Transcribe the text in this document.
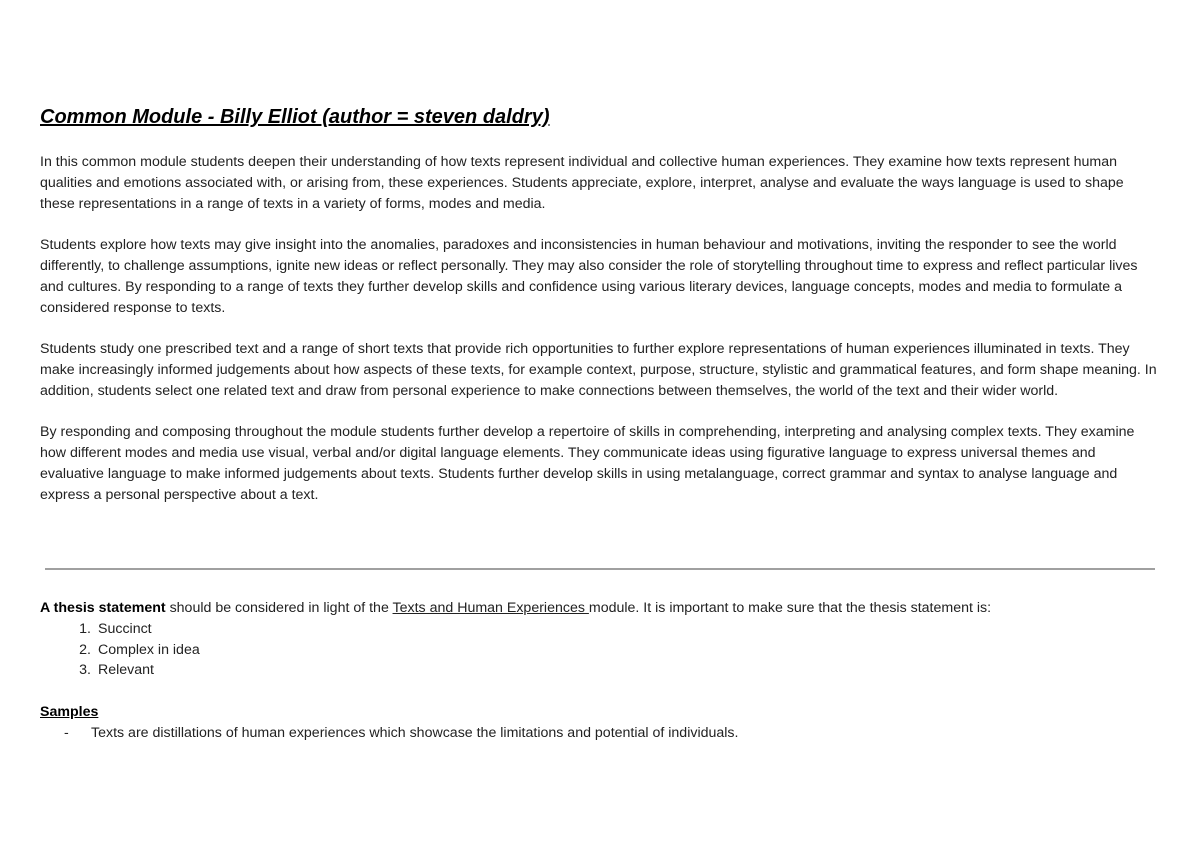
Common Module - Billy Elliot (author = steven daldry)

In this common module students deepen their understanding of how texts represent individual and collective human experiences. They examine how texts represent human qualities and emotions associated with, or arising from, these experiences. Students appreciate, explore, interpret, analyse and evaluate the ways language is used to shape these representations in a range of texts in a variety of forms, modes and media.

Students explore how texts may give insight into the anomalies, paradoxes and inconsistencies in human behaviour and motivations, inviting the responder to see the world differently, to challenge assumptions, ignite new ideas or reflect personally. They may also consider the role of storytelling throughout time to express and reflect particular lives and cultures. By responding to a range of texts they further develop skills and confidence using various literary devices, language concepts, modes and media to formulate a considered response to texts.

Students study one prescribed text and a range of short texts that provide rich opportunities to further explore representations of human experiences illuminated in texts. They make increasingly informed judgements about how aspects of these texts, for example context, purpose, structure, stylistic and grammatical features, and form shape meaning. In addition, students select one related text and draw from personal experience to make connections between themselves, the world of the text and their wider world.

By responding and composing throughout the module students further develop a repertoire of skills in comprehending, interpreting and analysing complex texts. They examine how different modes and media use visual, verbal and/or digital language elements. They communicate ideas using figurative language to express universal themes and evaluative language to make informed judgements about texts. Students further develop skills in using metalanguage, correct grammar and syntax to analyse language and express a personal perspective about a text.

A thesis statement should be considered in light of the Texts and Human Experiences module. It is important to make sure that the thesis statement is:

1. Succinct
2. Complex in idea
3. Relevant

Samples

-	Texts are distillations of human experiences which showcase the limitations and potential of individuals.
